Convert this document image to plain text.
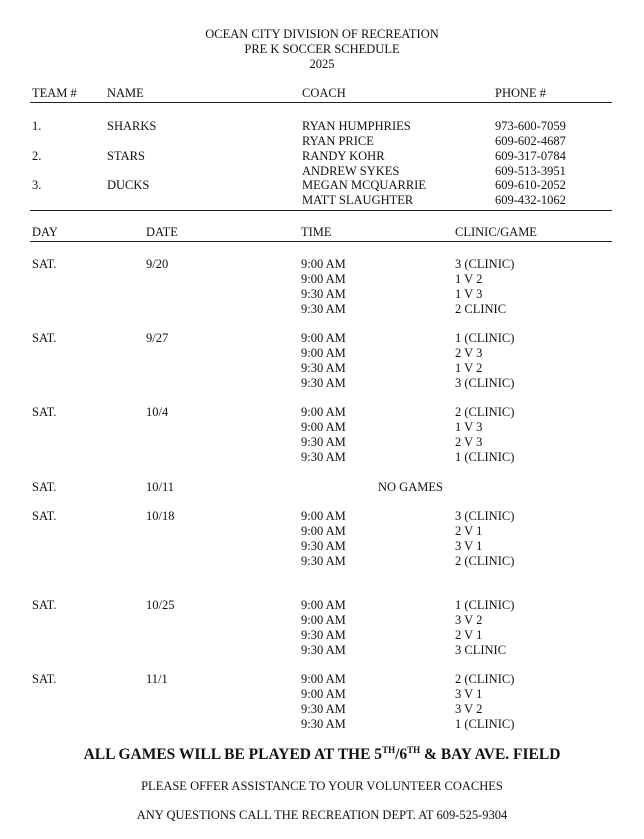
OCEAN CITY DIVISION OF RECREATION
PRE K SOCCER SCHEDULE
2025
TEAM # NAME	COACH	PHONE #
1.	SHARKS	RYAN HUMPHRIES	973-600-7059
RYAN PRICE	609-602-4687
2.	STARS	RANDY KOHR	609-317-0784
ANDREW SYKES	609-513-3951
3.	DUCKS	MEGAN MCQUARRIE	609-610-2052
MATT SLAUGHTER	609-432-1062
DAY	DATE	TIME	CLINIC/GAME
SAT.	9/20	9:00 AM	3 (CLINIC)
9:00 AM	1 V 2
9:30 AM	1 V 3
9:30 AM	2 CLINIC
SAT.	9/27	9:00 AM	1 (CLINIC)
9:00 AM	2 V 3
9:30 AM	1 V 2
9:30 AM	3 (CLINIC)
SAT.	10/4	9:00 AM	2 (CLINIC)
9:00 AM	1 V 3
9:30 AM	2 V 3
9:30 AM	1 (CLINIC)
SAT.	10/11	NO GAMES
SAT.	10/18	9:00 AM	3 (CLINIC)
9:00 AM	2 V 1
9:30 AM	3 V 1
9:30 AM	2 (CLINIC)
SAT.	10/25	9:00 AM	1 (CLINIC)
9:00 AM	3 V 2
9:30 AM	2 V 1
9:30 AM	3 CLINIC
SAT.	11/1	9:00 AM	2 (CLINIC)
9:00 AM	3 V 1
9:30 AM	3 V 2
9:30 AM	1 (CLINIC)
ALL GAMES WILL BE PLAYED AT THE 5TH/6TH & BAY AVE. FIELD
PLEASE OFFER ASSISTANCE TO YOUR VOLUNTEER COACHES
ANY QUESTIONS CALL THE RECREATION DEPT. AT 609-525-9304
